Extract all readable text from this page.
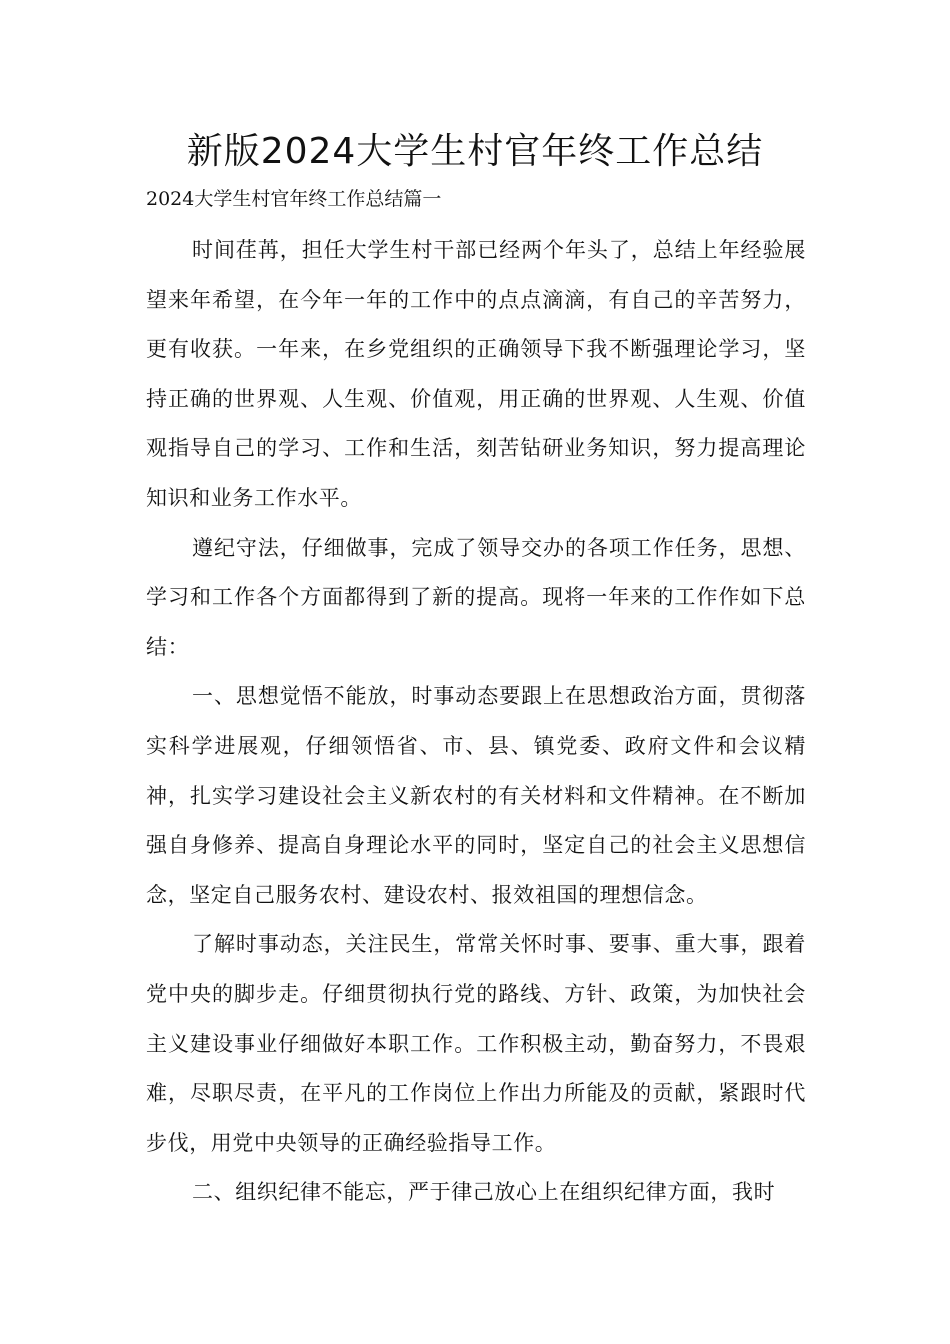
新版2024大学生村官年终工作总结
2024大学生村官年终工作总结篇一

时间荏苒，担任大学生村干部已经两个年头了，总结上年经验展望来年希望，在今年一年的工作中的点点滴滴，有自己的辛苦努力，更有收获。一年来，在乡党组织的正确领导下我不断强理论学习，坚持正确的世界观、人生观、价值观，用正确的世界观、人生观、价值观指导自己的学习、工作和生活，刻苦钻研业务知识，努力提高理论知识和业务工作水平。

遵纪守法，仔细做事，完成了领导交办的各项工作任务，思想、学习和工作各个方面都得到了新的提高。现将一年来的工作作如下总结：

一、思想觉悟不能放，时事动态要跟上在思想政治方面，贯彻落实科学进展观，仔细领悟省、市、县、镇党委、政府文件和会议精神，扎实学习建设社会主义新农村的有关材料和文件精神。在不断加强自身修养、提高自身理论水平的同时，坚定自己的社会主义思想信念，坚定自己服务农村、建设农村、报效祖国的理想信念。

了解时事动态，关注民生，常常关怀时事、要事、重大事，跟着党中央的脚步走。仔细贯彻执行党的路线、方针、政策，为加快社会主义建设事业仔细做好本职工作。工作积极主动，勤奋努力，不畏艰难，尽职尽责，在平凡的工作岗位上作出力所能及的贡献，紧跟时代步伐，用党中央领导的正确经验指导工作。

二、组织纪律不能忘，严于律己放心上在组织纪律方面，我时
